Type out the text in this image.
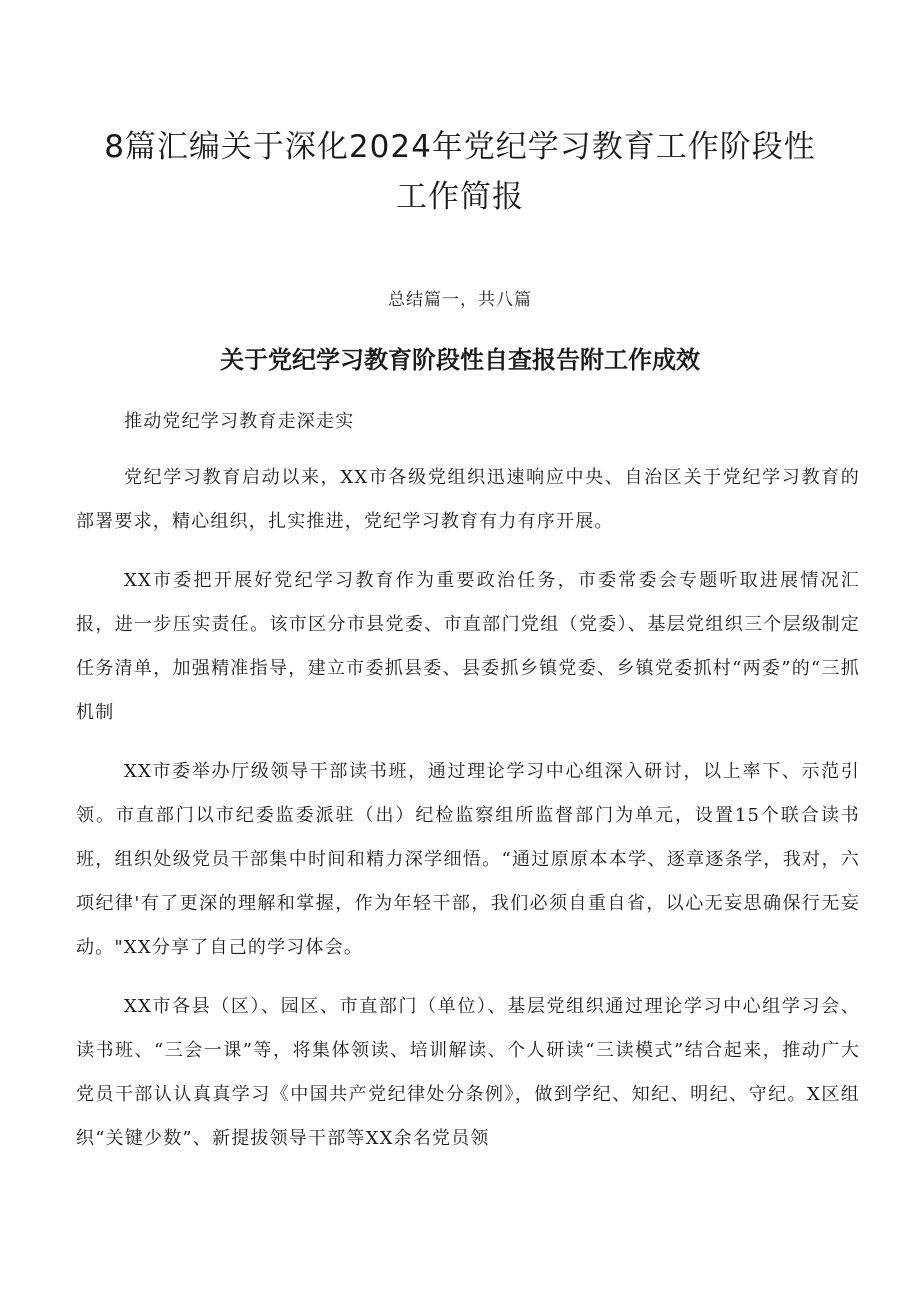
8篇汇编关于深化2024年党纪学习教育工作阶段性
工作简报
总结篇一，共八篇
关于党纪学习教育阶段性自查报告附工作成效

推动党纪学习教育走深走实

党纪学习教育启动以来，XX市各级党组织迅速响应中央、自治区关于党纪学习教育的部署要求，精心组织，扎实推进，党纪学习教育有力有序开展。

XX市委把开展好党纪学习教育作为重要政治任务，市委常委会专题听取进展情况汇报，进一步压实责任。该市区分市县党委、市直部门党组（党委）、基层党组织三个层级制定任务清单，加强精准指导，建立市委抓县委、县委抓乡镇党委、乡镇党委抓村“两委”的“三抓机制

XX市委举办厅级领导干部读书班，通过理论学习中心组深入研讨，以上率下、示范引领。市直部门以市纪委监委派驻（出）纪检监察组所监督部门为单元，设置15个联合读书班，组织处级党员干部集中时间和精力深学细悟。“通过原原本本学、逐章逐条学，我对，六项纪律'有了更深的理解和掌握，作为年轻干部，我们必须自重自省，以心无妄思确保行无妄动。"XX分享了自己的学习体会。

XX市各县（区）、园区、市直部门（单位）、基层党组织通过理论学习中心组学习会、读书班、“三会一课”等，将集体领读、培训解读、个人研读“三读模式”结合起来，推动广大党员干部认认真真学习《中国共产党纪律处分条例》，做到学纪、知纪、明纪、守纪。X区组织“关键少数”、新提拔领导干部等XX余名党员领
